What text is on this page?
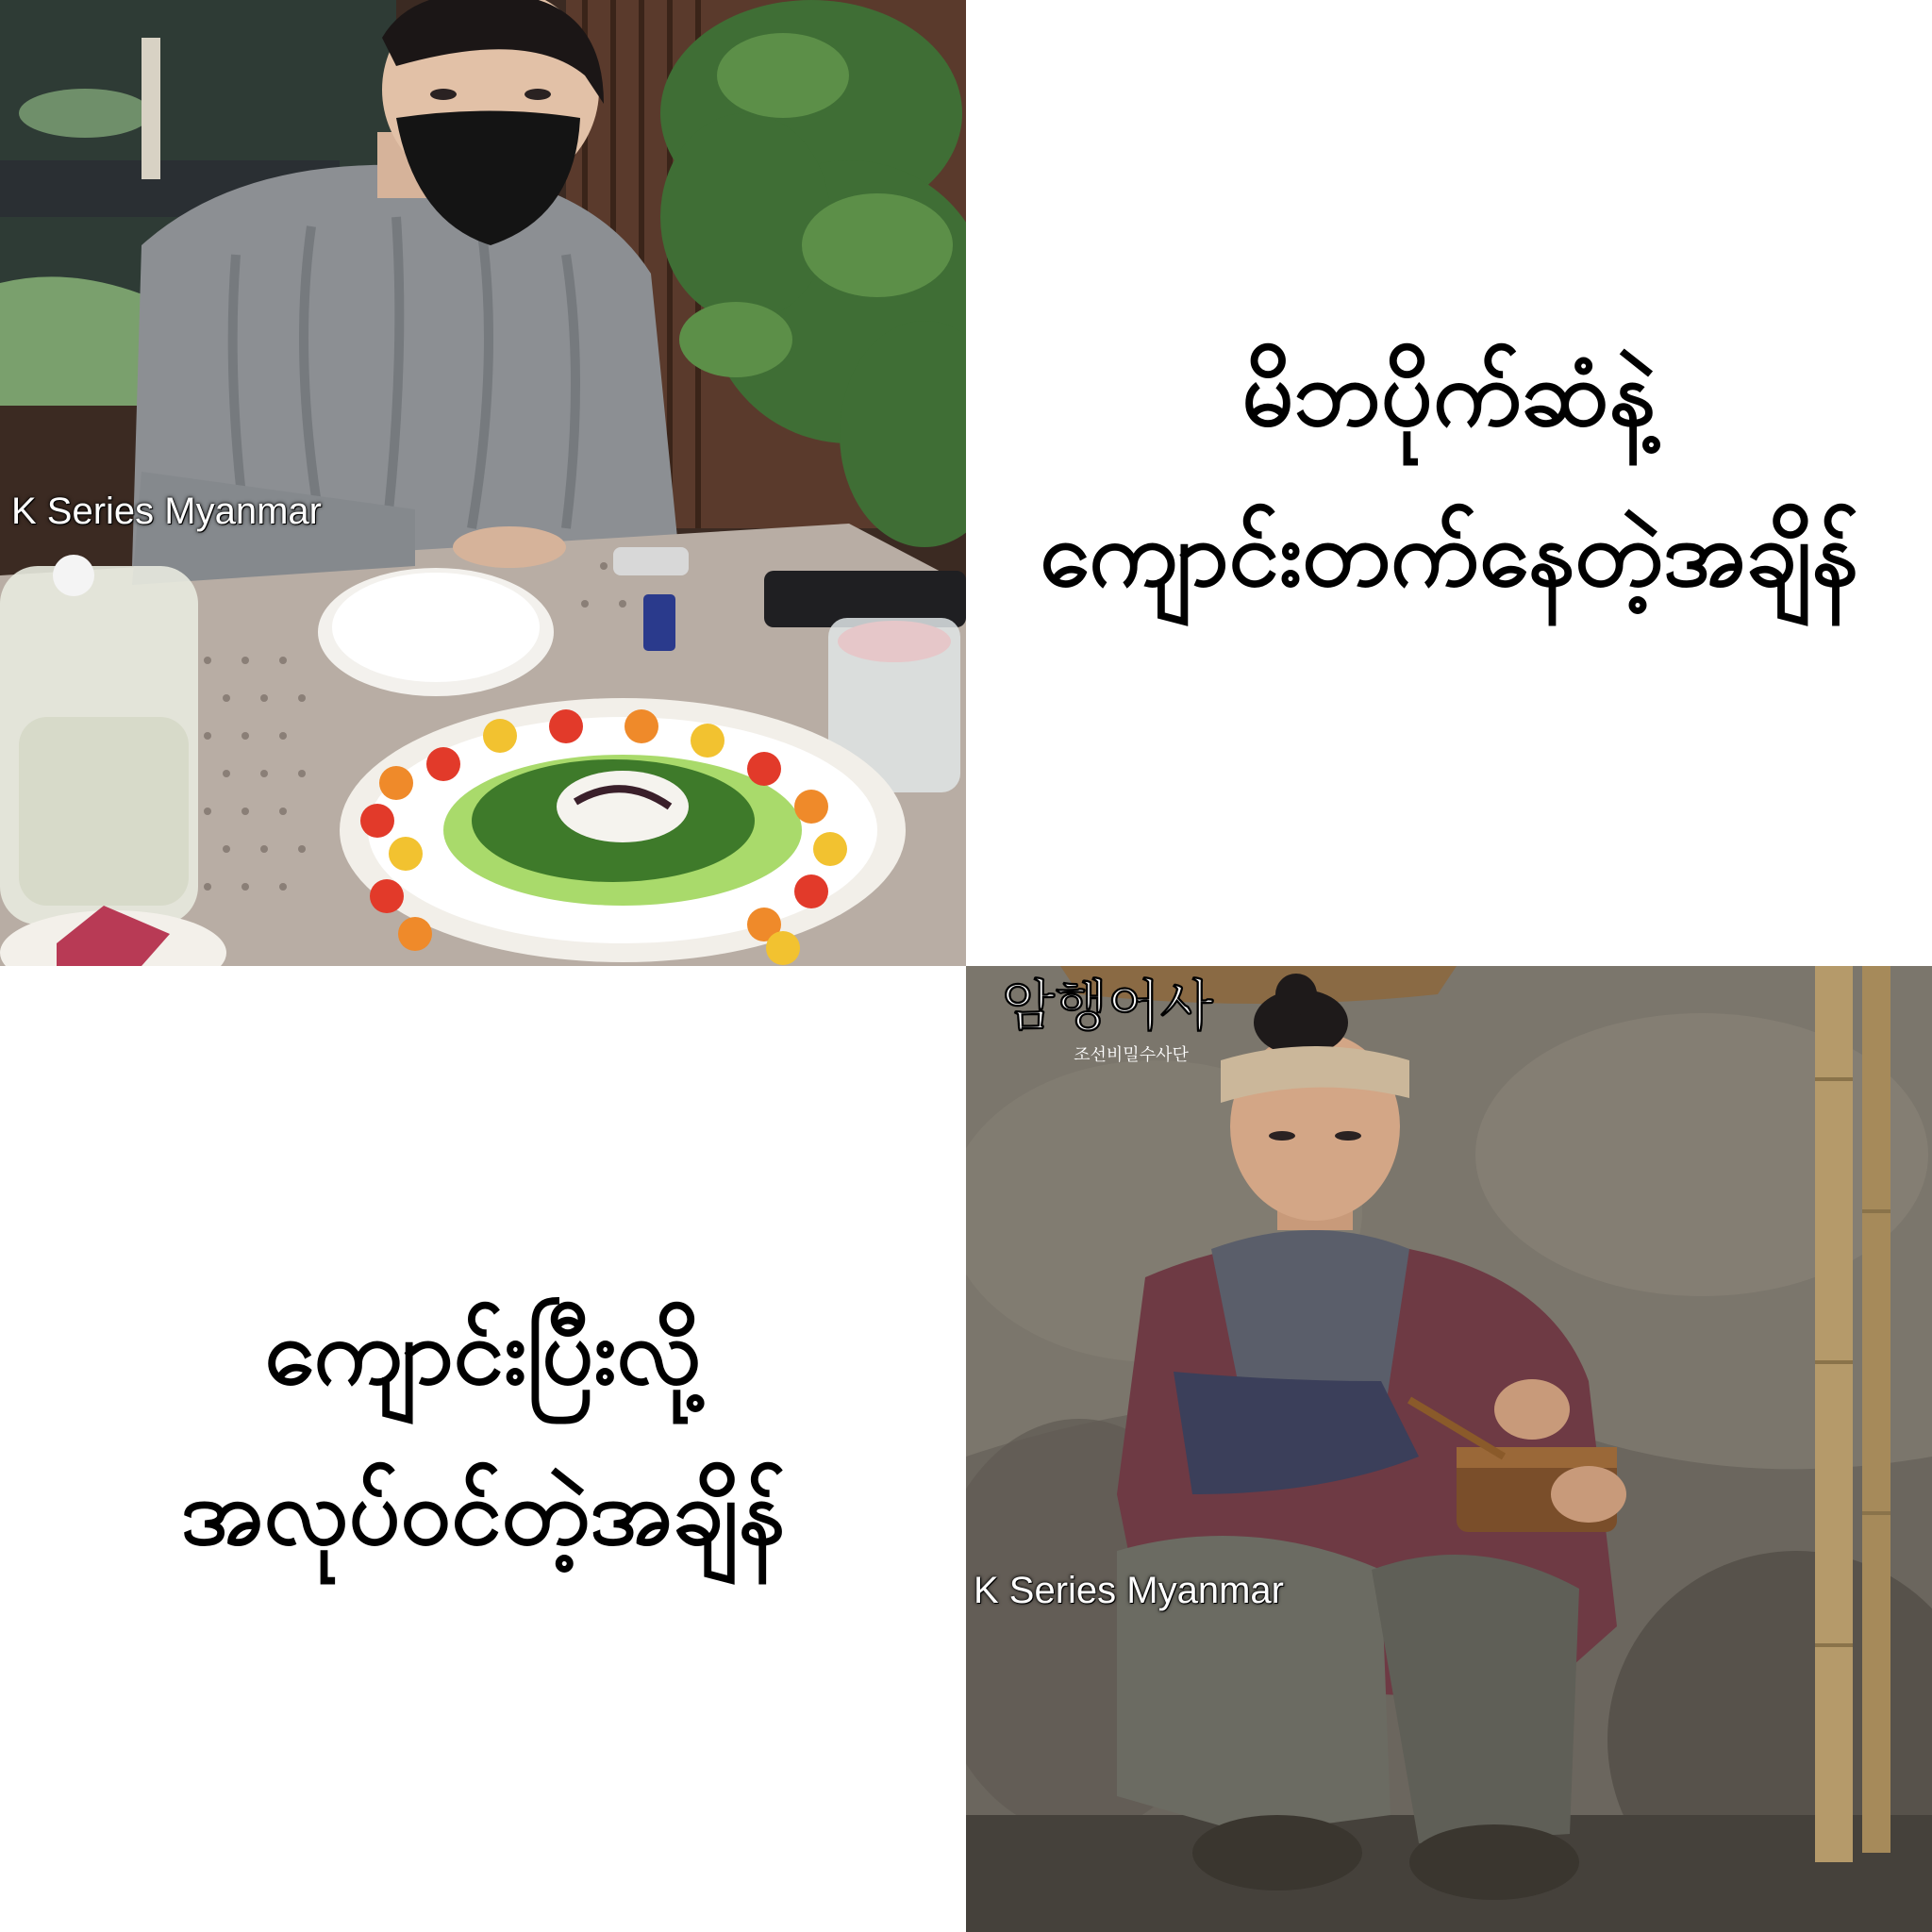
K Series Myanmar
မိဘပိုက်ဆံနဲ့
ကျောင်းတက်နေတဲ့အချိန်
ကျောင်းပြီးလို့
အလုပ်ဝင်တဲ့အချိန်
암행어사
조선비밀수사단
K Series Myanmar
